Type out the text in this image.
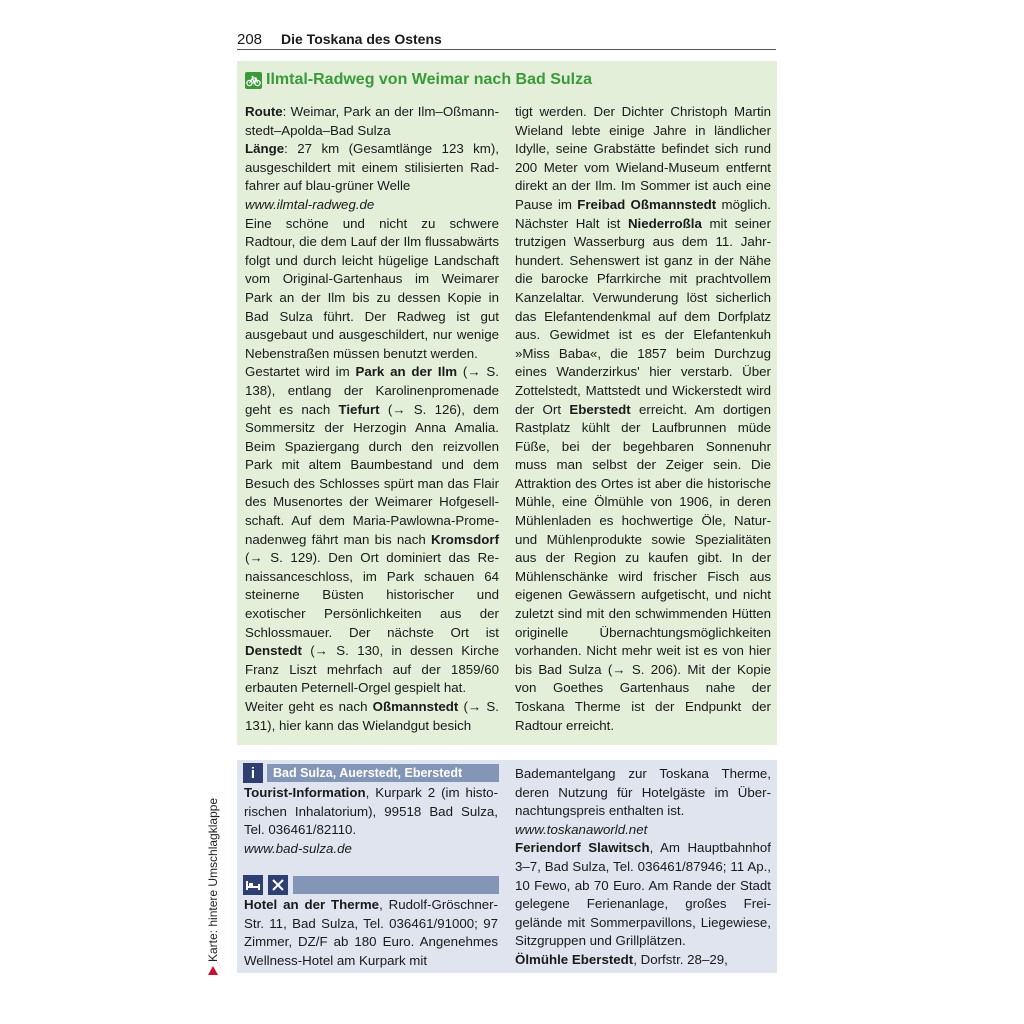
208 Die Toskana des Ostens
Ilmtal-Radweg von Weimar nach Bad Sulza
Route: Weimar, Park an der Ilm–Oßmannstedt–Apolda–Bad Sulza
Länge: 27 km (Gesamtlänge 123 km), ausgeschildert mit einem stilisierten Radfahrer auf blau-grüner Welle
www.ilmtal-radweg.de
Eine schöne und nicht zu schwere Radtour, die dem Lauf der Ilm flussabwärts folgt und durch leicht hügelige Landschaft vom Original-Gartenhaus im Weimarer Park an der Ilm bis zu dessen Kopie in Bad Sulza führt. Der Radweg ist gut ausgebaut und ausgeschildert, nur wenige Nebenstraßen müssen benutzt werden.
Gestartet wird im Park an der Ilm (→ S. 138), entlang der Karolinenpromenade geht es nach Tiefurt (→ S. 126), dem Sommersitz der Herzogin Anna Amalia. Beim Spaziergang durch den reizvollen Park mit altem Baumbestand und dem Besuch des Schlosses spürt man das Flair des Musenortes der Weimarer Hofgesellschaft. Auf dem Maria-Pawlowna-Promenadenweg fährt man bis nach Kromsdorf (→ S. 129). Den Ort dominiert das Renaissanceschloss, im Park schauen 64 steinerne Büsten historischer und exotischer Persönlichkeiten aus der Schlossmauer. Der nächste Ort ist Denstedt (→ S. 130, in dessen Kirche Franz Liszt mehrfach auf der 1859/60 erbauten Peternell-Orgel gespielt hat.
Weiter geht es nach Oßmannstedt (→ S. 131), hier kann das Wielandgut besich
tigt werden. Der Dichter Christoph Martin Wieland lebte einige Jahre in ländlicher Idylle, seine Grabstätte befindet sich rund 200 Meter vom Wieland-Museum entfernt direkt an der Ilm. Im Sommer ist auch eine Pause im Freibad Oßmannstedt möglich. Nächster Halt ist Niederroßla mit seiner trutzigen Wasserburg aus dem 11. Jahrhundert. Sehenswert ist ganz in der Nähe die barocke Pfarrkirche mit prachtvollem Kanzelaltar. Verwunderung löst sicherlich das Elefantendenkmal auf dem Dorfplatz aus. Gewidmet ist es der Elefantenkuh »Miss Baba«, die 1857 beim Durchzug eines Wanderzirkus' hier verstarb. Über Zottelstedt, Mattstedt und Wickerstedt wird der Ort Eberstedt erreicht. Am dortigen Rastplatz kühlt der Laufbrunnen müde Füße, bei der begehbaren Sonnenuhr muss man selbst der Zeiger sein. Die Attraktion des Ortes ist aber die historische Mühle, eine Ölmühle von 1906, in deren Mühlenladen es hochwertige Öle, Natur- und Mühlenprodukte sowie Spezialitäten aus der Region zu kaufen gibt. In der Mühlenschänke wird frischer Fisch aus eigenen Gewässern aufgetischt, und nicht zuletzt sind mit den schwimmenden Hütten originelle Übernachtungsmöglichkeiten vorhanden. Nicht mehr weit ist es von hier bis Bad Sulza (→ S. 206). Mit der Kopie von Goethes Gartenhaus nahe der Toskana Therme ist der Endpunkt der Radtour erreicht.
i	Bad Sulza, Auerstedt, Eberstedt
Tourist-Information, Kurpark 2 (im historischen Inhalatorium), 99518 Bad Sulza, Tel. 036461/82110.
www.bad-sulza.de
Hotel an der Therme, Rudolf-Gröschner-Str. 11, Bad Sulza, Tel. 036461/91000; 97 Zimmer, DZ/F ab 180 Euro. Angenehmes Wellness-Hotel am Kurpark mit
Bademantelgang zur Toskana Therme, deren Nutzung für Hotelgäste im Übernachtungspreis enthalten ist.
www.toskanaworld.net
Feriendorf Slawitsch, Am Hauptbahnhof 3–7, Bad Sulza, Tel. 036461/87946; 11 Ap., 10 Fewo, ab 70 Euro. Am Rande der Stadt gelegene Ferienanlage, großes Freigelände mit Sommerpavillons, Liegewiese, Sitzgruppen und Grillplätzen.
Ölmühle Eberstedt, Dorfstr. 28–29,
Karte: hintere Umschlagklappe
